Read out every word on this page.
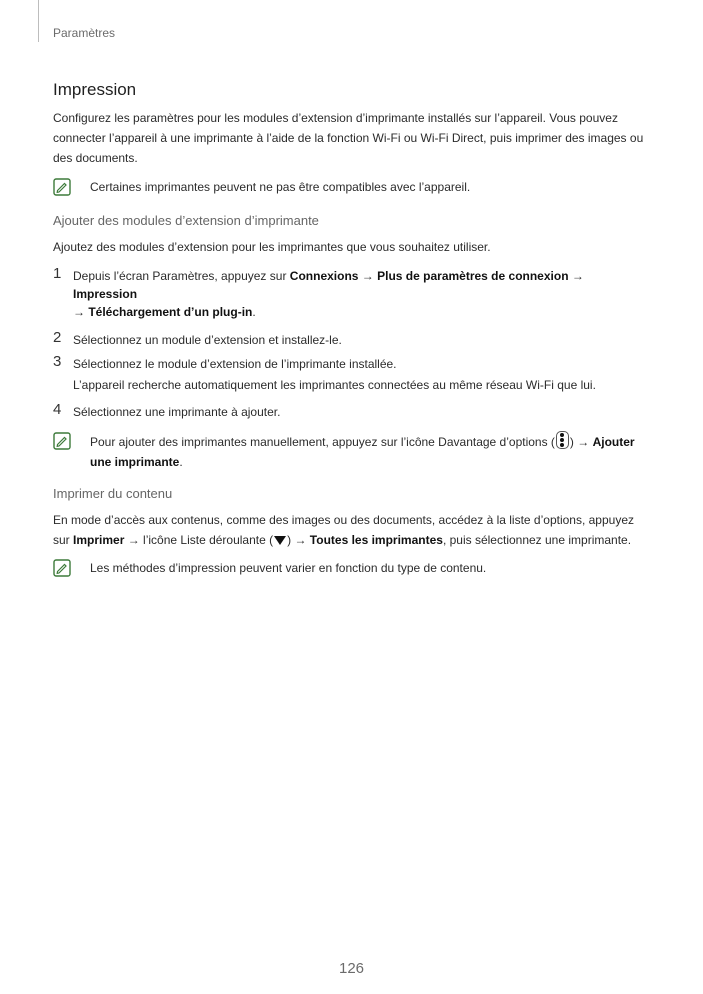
Paramètres
Impression

Configurez les paramètres pour les modules d’extension d’imprimante installés sur l’appareil. Vous pouvez connecter l’appareil à une imprimante à l’aide de la fonction Wi-Fi ou Wi-Fi Direct, puis imprimer des images ou des documents.

Certaines imprimantes peuvent ne pas être compatibles avec l’appareil.
Ajouter des modules d’extension d’imprimante

Ajoutez des modules d’extension pour les imprimantes que vous souhaitez utiliser.

1 Depuis l’écran Paramètres, appuyez sur Connexions → Plus de paramètres de connexion → Impression
→ Téléchargement d’un plug-in.
2 Sélectionnez un module d’extension et installez-le.
3 Sélectionnez le module d’extension de l’imprimante installée.
L’appareil recherche automatiquement les imprimantes connectées au même réseau Wi-Fi que lui.
4 Sélectionnez une imprimante à ajouter.
Pour ajouter des imprimantes manuellement, appuyez sur l’icône Davantage d’options ( ) → Ajouter une imprimante.
Imprimer du contenu

En mode d’accès aux contenus, comme des images ou des documents, accédez à la liste d’options, appuyez sur Imprimer → l’icône Liste déroulante ( ) → Toutes les imprimantes, puis sélectionnez une imprimante.

Les méthodes d’impression peuvent varier en fonction du type de contenu.
126
